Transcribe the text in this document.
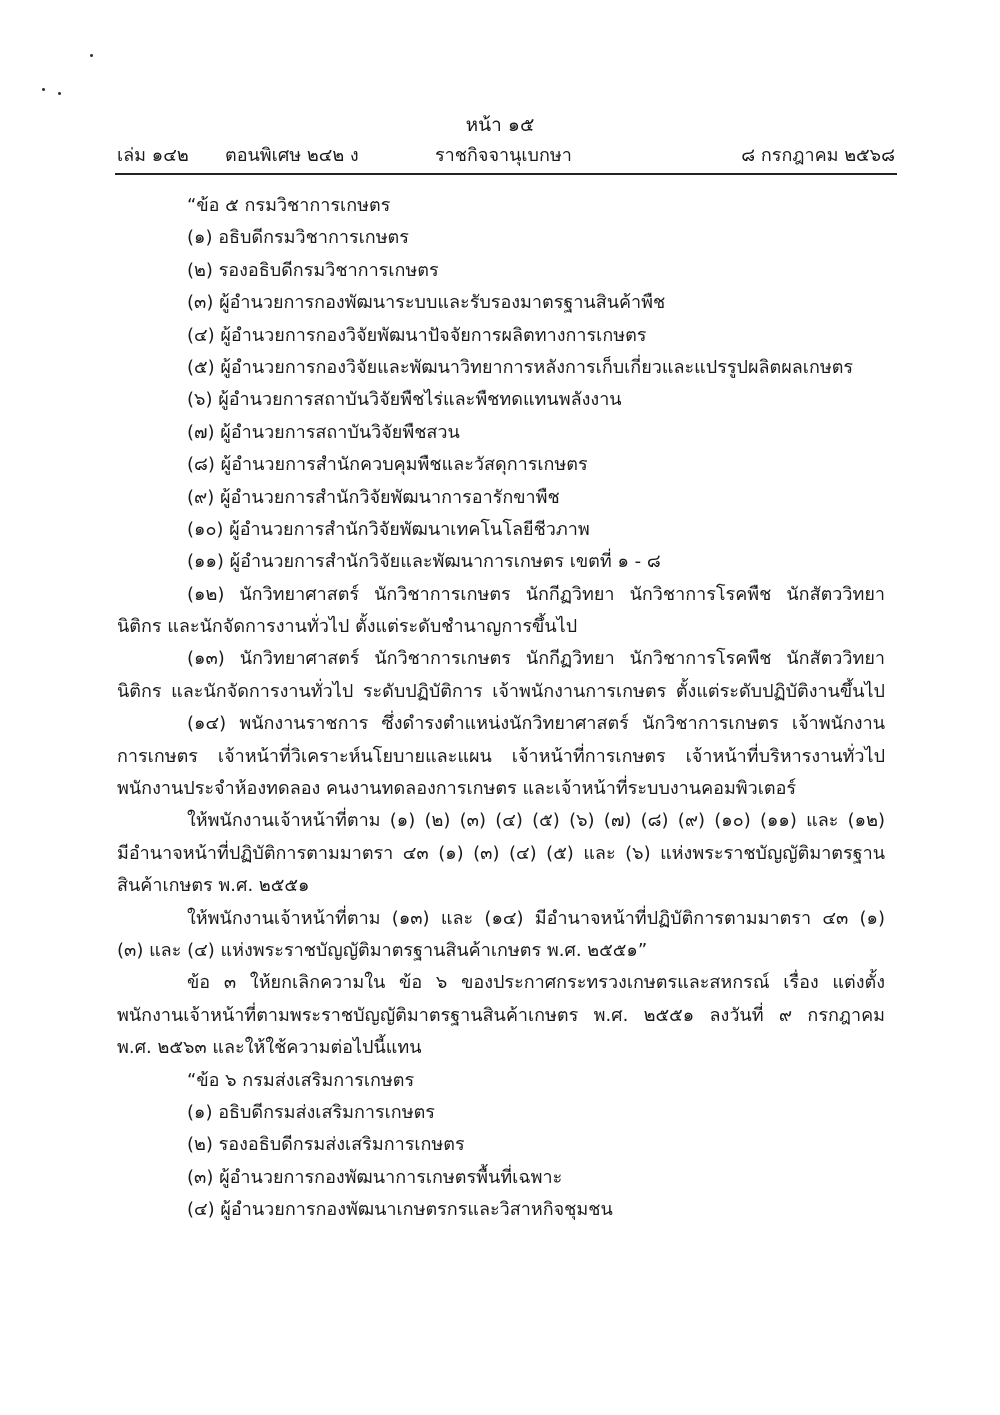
หน้า ๑๕
เล่ม ๑๔๒ ตอนพิเศษ ๒๔๒ ง	ราชกิจจานุเบกษา	๘ กรกฎาคม ๒๕๖๘
“ข้อ ๕ กรมวิชาการเกษตร
(๑) อธิบดีกรมวิชาการเกษตร
(๒) รองอธิบดีกรมวิชาการเกษตร
(๓) ผู้อำนวยการกองพัฒนาระบบและรับรองมาตรฐานสินค้าพืช
(๔) ผู้อำนวยการกองวิจัยพัฒนาปัจจัยการผลิตทางการเกษตร
(๕) ผู้อำนวยการกองวิจัยและพัฒนาวิทยาการหลังการเก็บเกี่ยวและแปรรูปผลิตผลเกษตร
(๖) ผู้อำนวยการสถาบันวิจัยพืชไร่และพืชทดแทนพลังงาน
(๗) ผู้อำนวยการสถาบันวิจัยพืชสวน
(๘) ผู้อำนวยการสำนักควบคุมพืชและวัสดุการเกษตร
(๙) ผู้อำนวยการสำนักวิจัยพัฒนาการอารักขาพืช
(๑๐) ผู้อำนวยการสำนักวิจัยพัฒนาเทคโนโลยีชีวภาพ
(๑๑) ผู้อำนวยการสำนักวิจัยและพัฒนาการเกษตร เขตที่ ๑ - ๘
(๑๒) นักวิทยาศาสตร์ นักวิชาการเกษตร นักกีฏวิทยา นักวิชาการโรคพืช นักสัตววิทยา
นิติกร และนักจัดการงานทั่วไป ตั้งแต่ระดับชำนาญการขึ้นไป
(๑๓) นักวิทยาศาสตร์ นักวิชาการเกษตร นักกีฏวิทยา นักวิชาการโรคพืช นักสัตววิทยา
นิติกร และนักจัดการงานทั่วไป ระดับปฏิบัติการ เจ้าพนักงานการเกษตร ตั้งแต่ระดับปฏิบัติงานขึ้นไป
(๑๔) พนักงานราชการ ซึ่งดำรงตำแหน่งนักวิทยาศาสตร์ นักวิชาการเกษตร เจ้าพนักงาน
การเกษตร เจ้าหน้าที่วิเคราะห์นโยบายและแผน เจ้าหน้าที่การเกษตร เจ้าหน้าที่บริหารงานทั่วไป
พนักงานประจำห้องทดลอง คนงานทดลองการเกษตร และเจ้าหน้าที่ระบบงานคอมพิวเตอร์
ให้พนักงานเจ้าหน้าที่ตาม (๑) (๒) (๓) (๔) (๕) (๖) (๗) (๘) (๙) (๑๐) (๑๑) และ (๑๒)
มีอำนาจหน้าที่ปฏิบัติการตามมาตรา ๔๓ (๑) (๓) (๔) (๕) และ (๖) แห่งพระราชบัญญัติมาตรฐาน
สินค้าเกษตร พ.ศ. ๒๕๕๑
ให้พนักงานเจ้าหน้าที่ตาม (๑๓) และ (๑๔) มีอำนาจหน้าที่ปฏิบัติการตามมาตรา ๔๓ (๑)
(๓) และ (๔) แห่งพระราชบัญญัติมาตรฐานสินค้าเกษตร พ.ศ. ๒๕๕๑”
ข้อ ๓ ให้ยกเลิกความใน ข้อ ๖ ของประกาศกระทรวงเกษตรและสหกรณ์ เรื่อง แต่งตั้ง
พนักงานเจ้าหน้าที่ตามพระราชบัญญัติมาตรฐานสินค้าเกษตร พ.ศ. ๒๕๕๑ ลงวันที่ ๙ กรกฎาคม
พ.ศ. ๒๕๖๓ และให้ใช้ความต่อไปนี้แทน
“ข้อ ๖ กรมส่งเสริมการเกษตร
(๑) อธิบดีกรมส่งเสริมการเกษตร
(๒) รองอธิบดีกรมส่งเสริมการเกษตร
(๓) ผู้อำนวยการกองพัฒนาการเกษตรพื้นที่เฉพาะ
(๔) ผู้อำนวยการกองพัฒนาเกษตรกรและวิสาหกิจชุมชน
